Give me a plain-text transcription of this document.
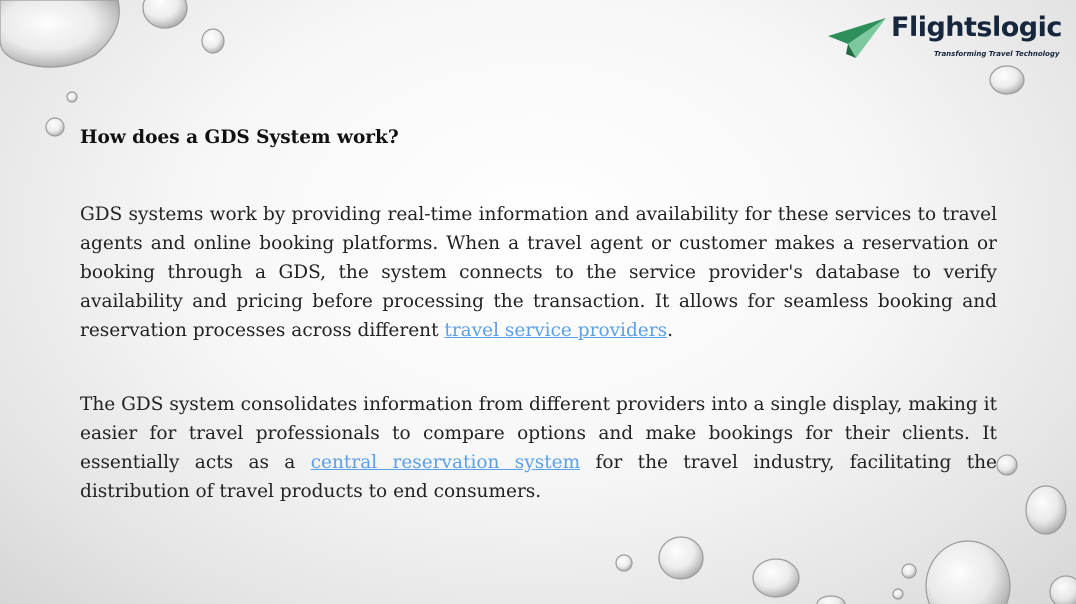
Flightslogic
Transforming Travel Technology
How does a GDS System work?

GDS systems work by providing real-time information and availability for these services to travel agents and online booking platforms. When a travel agent or customer makes a reservation or booking through a GDS, the system connects to the service provider's database to verify availability and pricing before processing the transaction. It allows for seamless booking and reservation processes across different travel service providers.

The GDS system consolidates information from different providers into a single display, making it easier for travel professionals to compare options and make bookings for their clients. It essentially acts as a central reservation system for the travel industry, facilitating the distribution of travel products to end consumers.
